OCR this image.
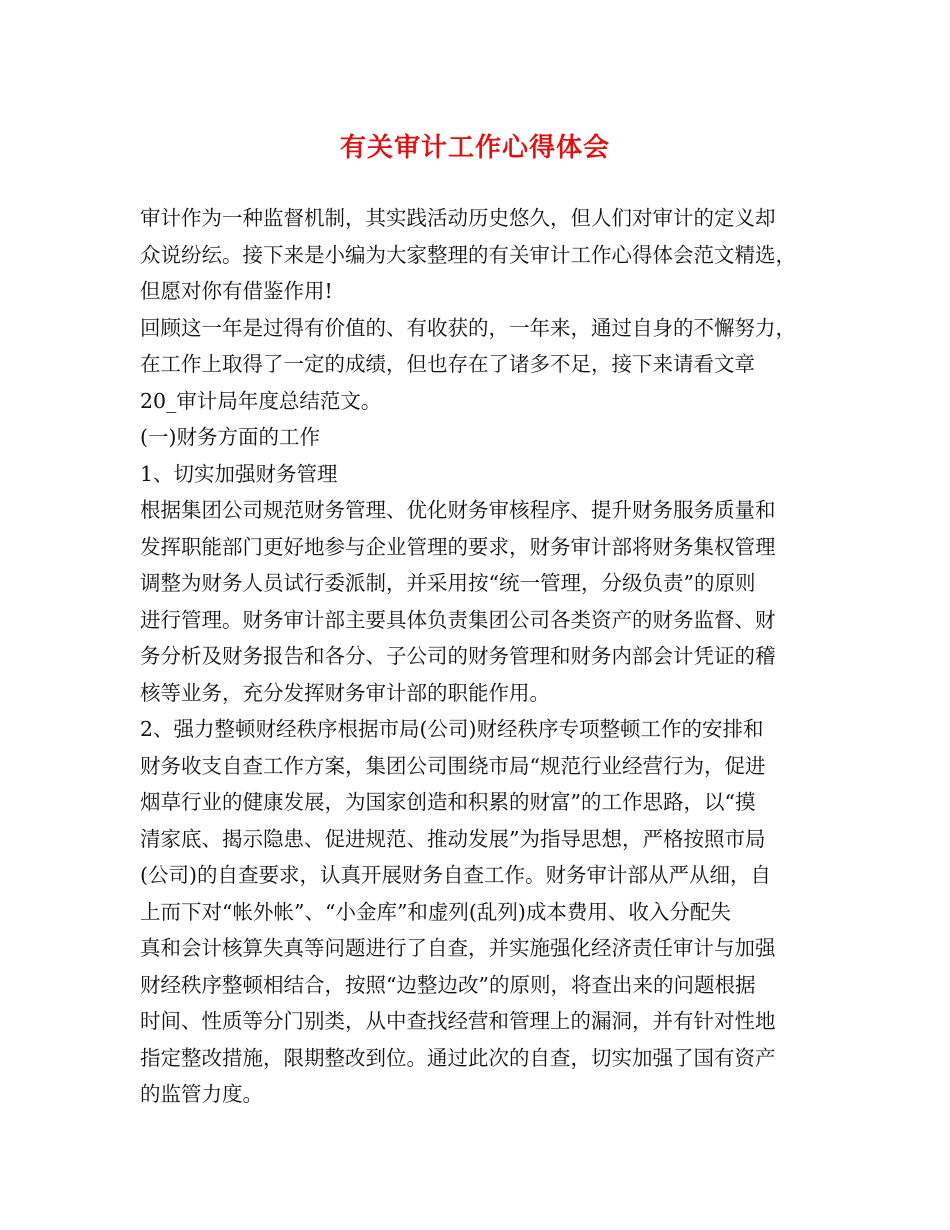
有关审计工作心得体会
审计作为一种监督机制，其实践活动历史悠久，但人们对审计的定义却
众说纷纭。接下来是小编为大家整理的有关审计工作心得体会范文精选，
但愿对你有借鉴作用!
回顾这一年是过得有价值的、有收获的，一年来，通过自身的不懈努力，
在工作上取得了一定的成绩，但也存在了诸多不足，接下来请看文章
20_审计局年度总结范文。
(一)财务方面的工作
1、切实加强财务管理
根据集团公司规范财务管理、优化财务审核程序、提升财务服务质量和
发挥职能部门更好地参与企业管理的要求，财务审计部将财务集权管理
调整为财务人员试行委派制，并采用按“统一管理，分级负责”的原则
进行管理。财务审计部主要具体负责集团公司各类资产的财务监督、财
务分析及财务报告和各分、子公司的财务管理和财务内部会计凭证的稽
核等业务，充分发挥财务审计部的职能作用。
2、强力整顿财经秩序根据市局(公司)财经秩序专项整顿工作的安排和
财务收支自查工作方案，集团公司围绕市局“规范行业经营行为，促进
烟草行业的健康发展，为国家创造和积累的财富”的工作思路，以“摸
清家底、揭示隐患、促进规范、推动发展”为指导思想，严格按照市局
(公司)的自查要求，认真开展财务自查工作。财务审计部从严从细，自
上而下对“帐外帐”、“小金库”和虚列(乱列)成本费用、收入分配失
真和会计核算失真等问题进行了自查，并实施强化经济责任审计与加强
财经秩序整顿相结合，按照“边整边改”的原则，将查出来的问题根据
时间、性质等分门别类，从中查找经营和管理上的漏洞，并有针对性地
指定整改措施，限期整改到位。通过此次的自查，切实加强了国有资产
的监管力度。
